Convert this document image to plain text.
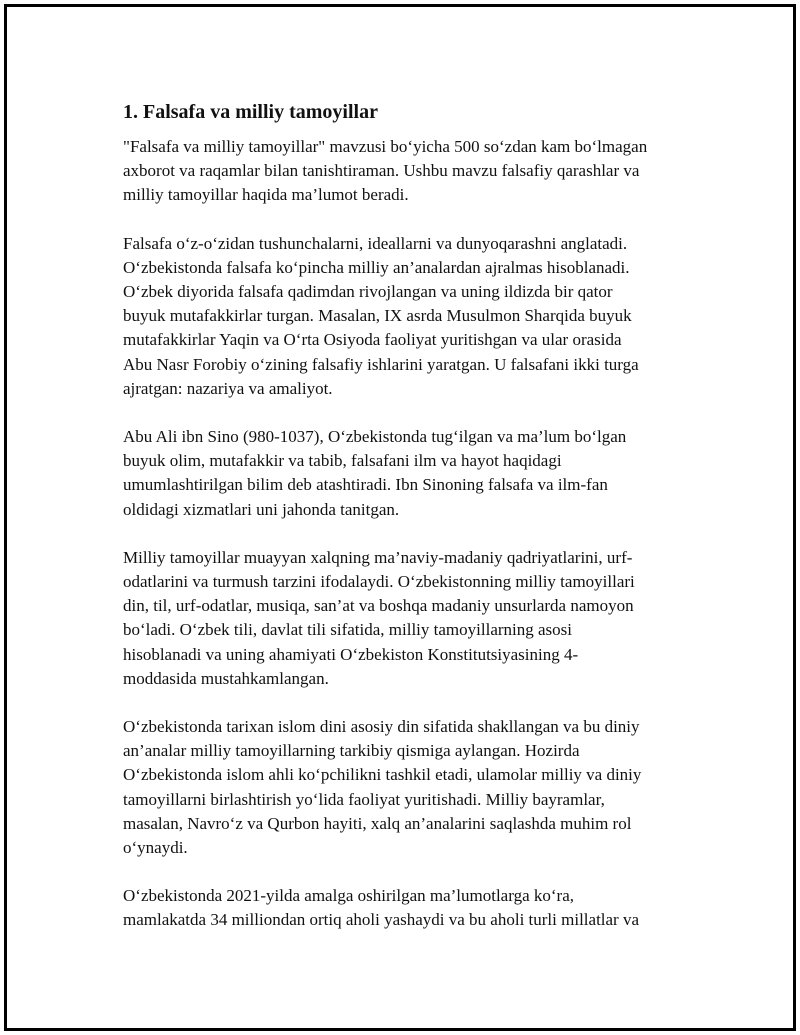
1. Falsafa va milliy tamoyillar

"Falsafa va milliy tamoyillar" mavzusi bo‘yicha 500 so‘zdan kam bo‘lmagan
axborot va raqamlar bilan tanishtiraman. Ushbu mavzu falsafiy qarashlar va
milliy tamoyillar haqida ma’lumot beradi.

Falsafa o‘z-o‘zidan tushunchalarni, ideallarni va dunyoqarashni anglatadi.
O‘zbekistonda falsafa ko‘pincha milliy an’analardan ajralmas hisoblanadi.
O‘zbek diyorida falsafa qadimdan rivojlangan va uning ildizda bir qator
buyuk mutafakkirlar turgan. Masalan, IX asrda Musulmon Sharqida buyuk
mutafakkirlar Yaqin va O‘rta Osiyoda faoliyat yuritishgan va ular orasida
Abu Nasr Forobiy o‘zining falsafiy ishlarini yaratgan. U falsafani ikki turga
ajratgan: nazariya va amaliyot.

Abu Ali ibn Sino (980-1037), O‘zbekistonda tug‘ilgan va ma’lum bo‘lgan
buyuk olim, mutafakkir va tabib, falsafani ilm va hayot haqidagi
umumlashtirilgan bilim deb atashtiradi. Ibn Sinoning falsafa va ilm-fan
oldidagi xizmatlari uni jahonda tanitgan.

Milliy tamoyillar muayyan xalqning ma’naviy-madaniy qadriyatlarini, urf-
odatlarini va turmush tarzini ifodalaydi. O‘zbekistonning milliy tamoyillari
din, til, urf-odatlar, musiqa, san’at va boshqa madaniy unsurlarda namoyon
bo‘ladi. O‘zbek tili, davlat tili sifatida, milliy tamoyillarning asosi
hisoblanadi va uning ahamiyati O‘zbekiston Konstitutsiyasining 4-
moddasida mustahkamlangan.

O‘zbekistonda tarixan islom dini asosiy din sifatida shakllangan va bu diniy
an’analar milliy tamoyillarning tarkibiy qismiga aylangan. Hozirda
O‘zbekistonda islom ahli ko‘pchilikni tashkil etadi, ulamolar milliy va diniy
tamoyillarni birlashtirish yo‘lida faoliyat yuritishadi. Milliy bayramlar,
masalan, Navro‘z va Qurbon hayiti, xalq an’analarini saqlashda muhim rol
o‘ynaydi.

O‘zbekistonda 2021-yilda amalga oshirilgan ma’lumotlarga ko‘ra,
mamlakatda 34 milliondan ortiq aholi yashaydi va bu aholi turli millatlar va
